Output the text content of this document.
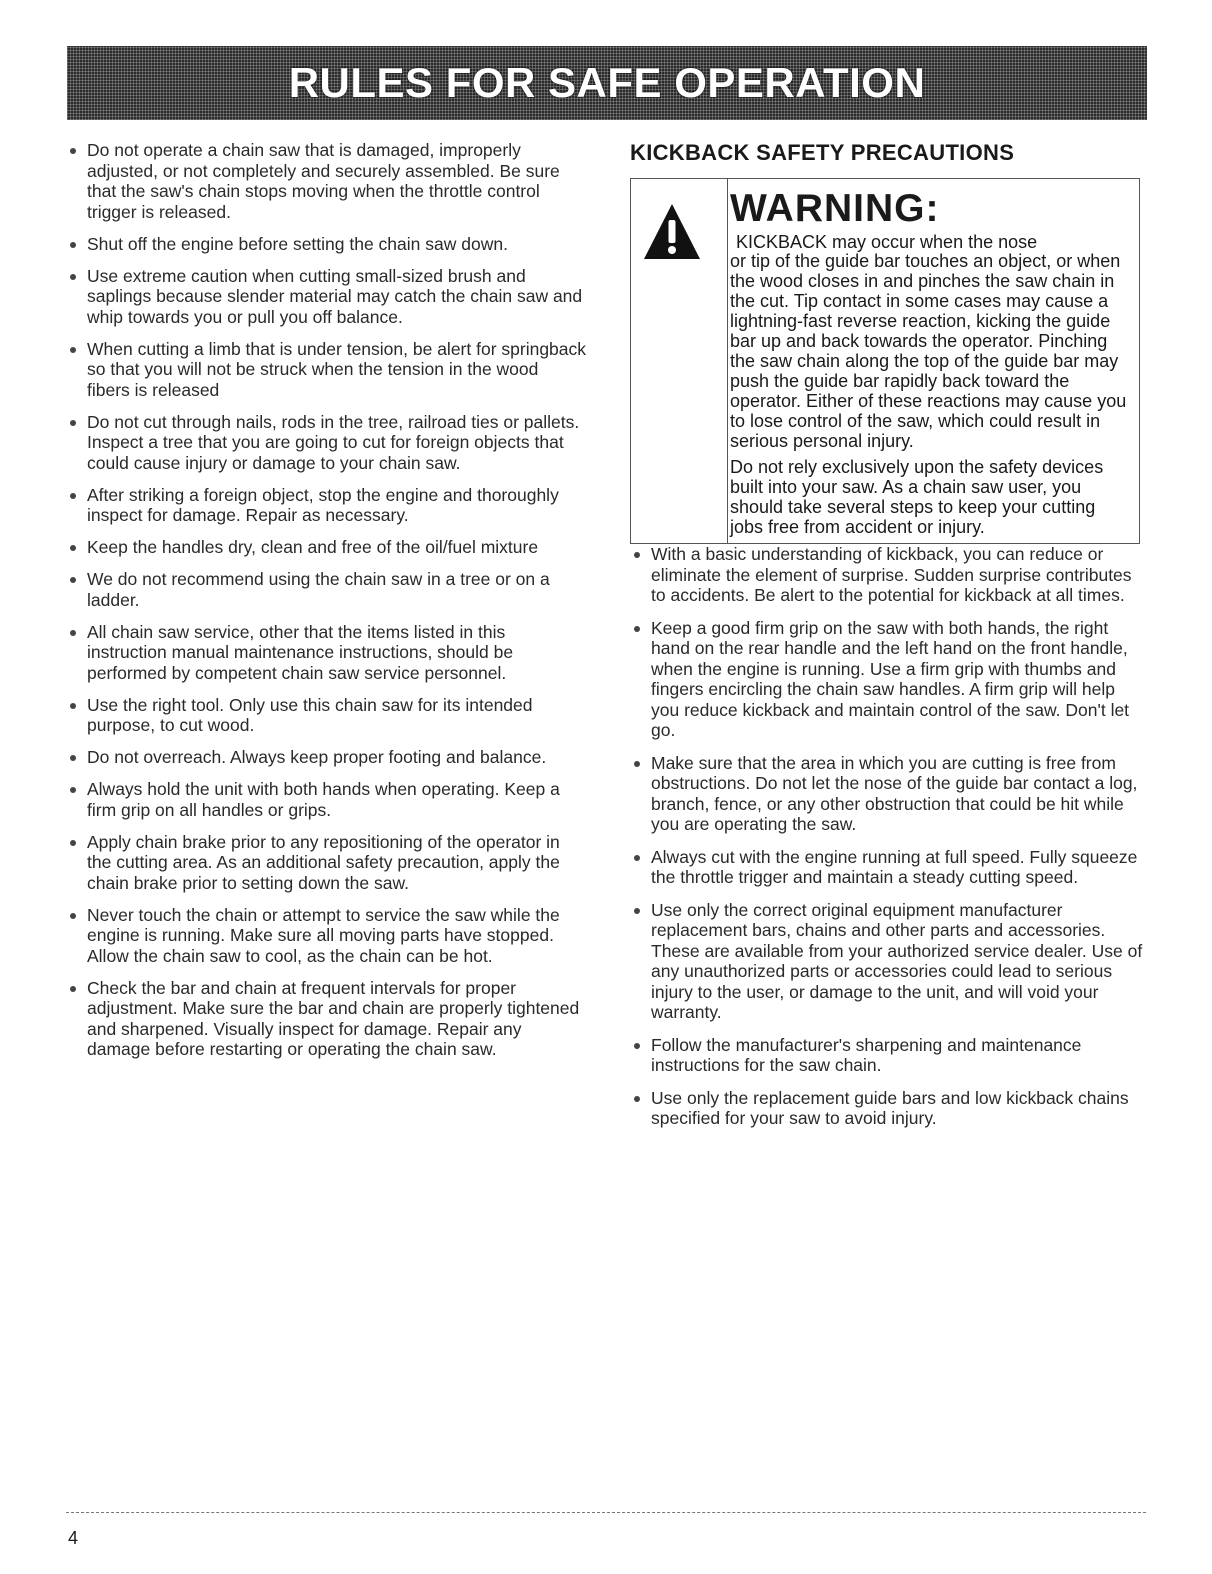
RULES FOR SAFE OPERATION
Do not operate a chain saw that is damaged, improperly adjusted, or not completely and securely assembled. Be sure that the saw's chain stops moving when the throttle control trigger is released.
Shut off the engine before setting the chain saw down.
Use extreme caution when cutting small-sized brush and saplings because slender material may catch the chain saw and whip towards you or pull you off balance.
When cutting a limb that is under tension, be alert for springback so that you will not be struck when the tension in the wood fibers is released
Do not cut through nails, rods in the tree, railroad ties or pallets. Inspect a tree that you are going to cut for foreign objects that could cause injury or damage to your chain saw.
After striking a foreign object, stop the engine and thoroughly inspect for damage. Repair as necessary.
Keep the handles dry, clean and free of the oil/fuel mixture
We do not recommend using the chain saw in a tree or on a ladder.
All chain saw service, other that the items listed in this instruction manual maintenance instructions, should be performed by competent chain saw service personnel.
Use the right tool. Only use this chain saw for its intended purpose, to cut wood.
Do not overreach. Always keep proper footing and balance.
Always hold the unit with both hands when operating. Keep a firm grip on all handles or grips.
Apply chain brake prior to any repositioning of the operator in the cutting area. As an additional safety precaution, apply the chain brake prior to setting down the saw.
Never touch the chain or attempt to service the saw while the engine is running. Make sure all moving parts have stopped. Allow the chain saw to cool, as the chain can be hot.
Check the bar and chain at frequent intervals for proper adjustment. Make sure the bar and chain are properly tightened and sharpened. Visually inspect for damage. Repair any damage before restarting or operating the chain saw.
KICKBACK SAFETY PRECAUTIONS
WARNING:KICKBACK may occur when the nose

or tip of the guide bar touches an object, or when the wood closes in and pinches the saw chain in the cut. Tip contact in some cases may cause a lightning-fast reverse reaction, kicking the guide bar up and back towards the operator. Pinching the saw chain along the top of the guide bar may push the guide bar rapidly back toward the operator. Either of these reactions may cause you to lose control of the saw, which could result in serious personal injury.

Do not rely exclusively upon the safety devices built into your saw. As a chain saw user, you should take several steps to keep your cutting jobs free from accident or injury.

With a basic understanding of kickback, you can reduce or eliminate the element of surprise. Sudden surprise contributes to accidents. Be alert to the potential for kickback at all times.
Keep a good firm grip on the saw with both hands, the right hand on the rear handle and the left hand on the front handle, when the engine is running. Use a firm grip with thumbs and fingers encircling the chain saw handles. A firm grip will help you reduce kickback and maintain control of the saw. Don't let go.
Make sure that the area in which you are cutting is free from obstructions. Do not let the nose of the guide bar contact a log, branch, fence, or any other obstruction that could be hit while you are operating the saw.
Always cut with the engine running at full speed. Fully squeeze the throttle trigger and maintain a steady cutting speed.
Use only the correct original equipment manufacturer replacement bars, chains and other parts and accessories. These are available from your authorized service dealer. Use of any unauthorized parts or accessories could lead to serious injury to the user, or damage to the unit, and will void your warranty.
Follow the manufacturer's sharpening and maintenance instructions for the saw chain.
Use only the replacement guide bars and low kickback chains specified for your saw to avoid injury.
4
